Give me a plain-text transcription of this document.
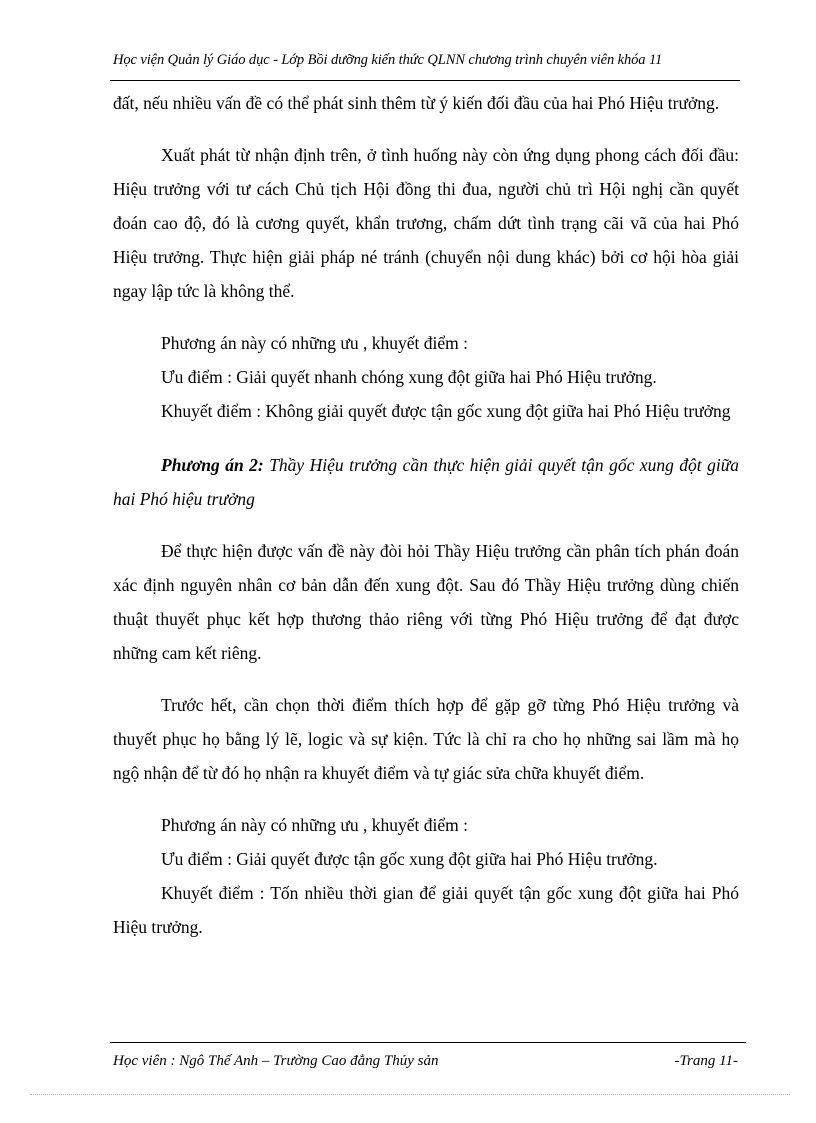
Học viện Quản lý Giáo dục - Lớp Bồi dưỡng kiến thức QLNN chương trình chuyên viên khóa 11

đất, nếu nhiều vấn đề có thể phát sinh thêm từ ý kiến đối đầu của hai Phó Hiệu trưởng.

Xuất phát từ nhận định trên, ở tình huống này còn ứng dụng phong cách đối đầu: Hiệu trưởng với tư cách Chủ tịch Hội đồng thi đua, người chủ trì Hội nghị cần quyết đoán cao độ, đó là cương quyết, khẩn trương, chấm dứt tình trạng cãi vã của hai Phó Hiệu trưởng. Thực hiện giải pháp né tránh (chuyển nội dung khác) bởi cơ hội hòa giải ngay lập tức là không thể.

Phương án này có những ưu , khuyết điểm :

Ưu điểm : Giải quyết nhanh chóng xung đột giữa hai Phó Hiệu trưởng.

Khuyết điểm : Không giải quyết được tận gốc xung đột giữa hai Phó Hiệu trưởng

Phương án 2: Thầy Hiệu trưởng cần thực hiện giải quyết tận gốc xung đột giữa hai Phó hiệu trưởng

Để thực hiện được vấn đề này đòi hỏi Thầy Hiệu trưởng cần phân tích phán đoán xác định nguyên nhân cơ bản dẫn đến xung đột. Sau đó Thầy Hiệu trưởng dùng chiến thuật thuyết phục kết hợp thương thảo riêng với từng Phó Hiệu trưởng để đạt được những cam kết riêng.

Trước hết, cần chọn thời điểm thích hợp để gặp gỡ từng Phó Hiệu trưởng và thuyết phục họ bằng lý lẽ, logic và sự kiện. Tức là chỉ ra cho họ những sai lầm mà họ ngộ nhận để từ đó họ nhận ra khuyết điểm và tự giác sửa chữa khuyết điểm.

Phương án này có những ưu , khuyết điểm :

Ưu điểm : Giải quyết được tận gốc xung đột giữa hai Phó Hiệu trưởng.

Khuyết điểm : Tốn nhiều thời gian để giải quyết tận gốc xung đột giữa hai Phó Hiệu trưởng.

Học viên : Ngô Thế Anh – Trường Cao đẳng Thủy sản	-Trang 11-
